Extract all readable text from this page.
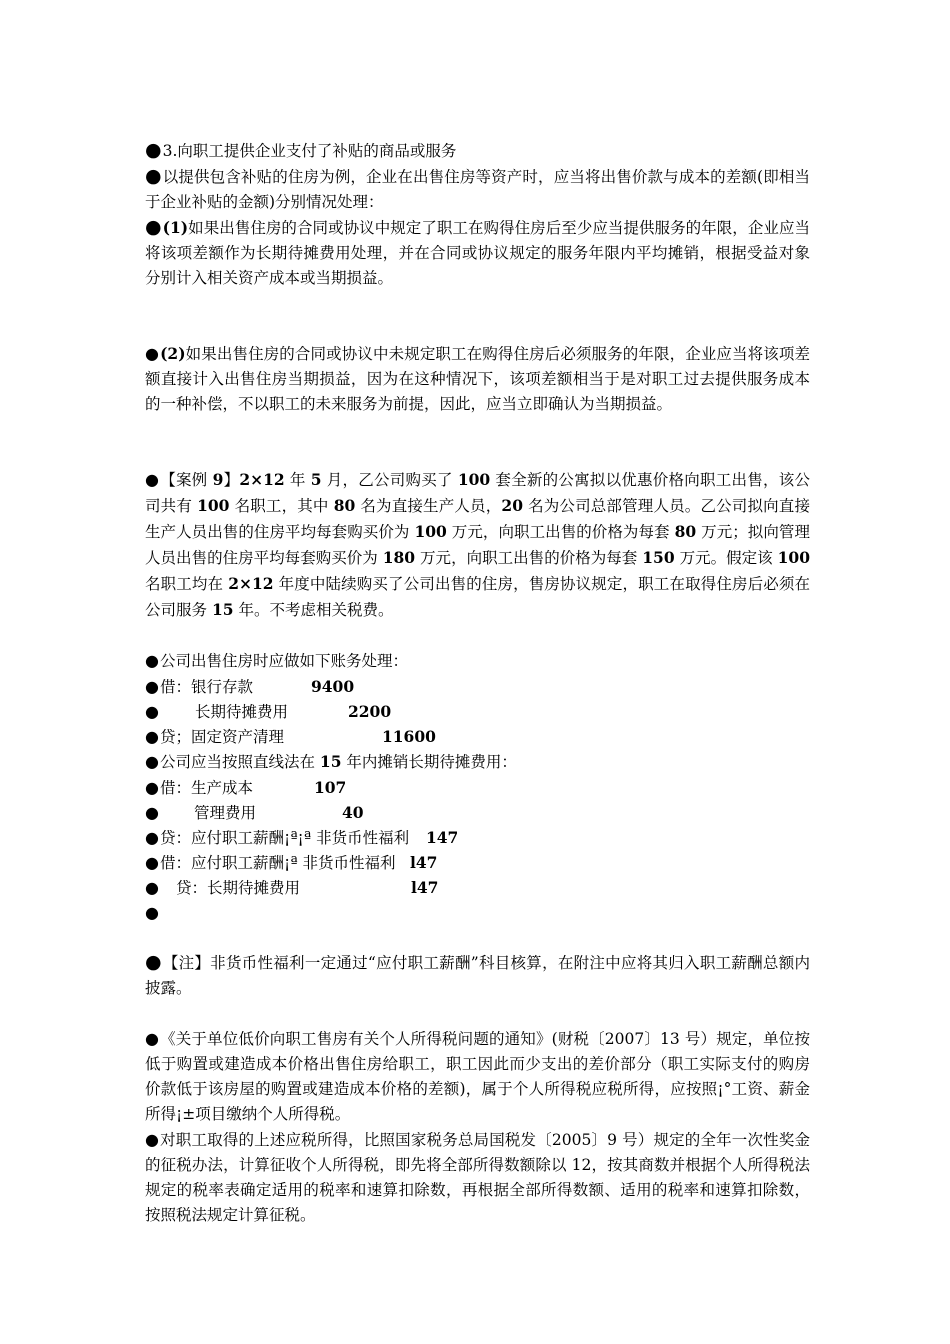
●3.向职工提供企业支付了补贴的商品或服务

●以提供包含补贴的住房为例，企业在出售住房等资产时，应当将出售价款与成本的差额(即相当于企业补贴的金额)分别情况处理：

●(1)如果出售住房的合同或协议中规定了职工在购得住房后至少应当提供服务的年限，企业应当将该项差额作为长期待摊费用处理，并在合同或协议规定的服务年限内平均摊销，根据受益对象分别计入相关资产成本或当期损益。

●(2)如果出售住房的合同或协议中未规定职工在购得住房后必须服务的年限，企业应当将该项差额直接计入出售住房当期损益，因为在这种情况下，该项差额相当于是对职工过去提供服务成本的一种补偿，不以职工的未来服务为前提，因此，应当立即确认为当期损益。

●【案例 9】2×12 年 5 月，乙公司购买了 100 套全新的公寓拟以优惠价格向职工出售，该公司共有 100 名职工，其中 80 名为直接生产人员，20 名为公司总部管理人员。乙公司拟向直接生产人员出售的住房平均每套购买价为 100 万元，向职工出售的价格为每套 80 万元；拟向管理人员出售的住房平均每套购买价为 180 万元，向职工出售的价格为每套 150 万元。假定该 100 名职工均在 2×12 年度中陆续购买了公司出售的住房，售房协议规定，职工在取得住房后必须在公司服务 15 年。不考虑相关税费。

●公司出售住房时应做如下账务处理：

● 借：银行存款	9400
●	长期待摊费用	2200
● 贷；固定资产清理	11600

●公司应当按照直线法在 15 年内摊销长期待摊费用：

● 借：生产成本	107
●	管理费用	40
● 贷：应付职工薪酬¡ª¡ª 非货币性福利	147
● 借：应付职工薪酬¡ª 非货币性福利 l47
●	贷：长期待摊费用	l47
●

●【注】非货币性福利一定通过“应付职工薪酬”科目核算，在附注中应将其归入职工薪酬总额内披露。

●《关于单位低价向职工售房有关个人所得税问题的通知》(财税〔2007〕13 号）规定，单位按低于购置或建造成本价格出售住房给职工，职工因此而少支出的差价部分（职工实际支付的购房价款低于该房屋的购置或建造成本价格的差额)，属于个人所得税应税所得，应按照¡°工资、薪金所得¡±项目缴纳个人所得税。

●对职工取得的上述应税所得，比照国家税务总局国税发〔2005〕9 号）规定的全年一次性奖金的征税办法，计算征收个人所得税，即先将全部所得数额除以 12，按其商数并根据个人所得税法规定的税率表确定适用的税率和速算扣除数，再根据全部所得数额、适用的税率和速算扣除数，按照税法规定计算征税。
